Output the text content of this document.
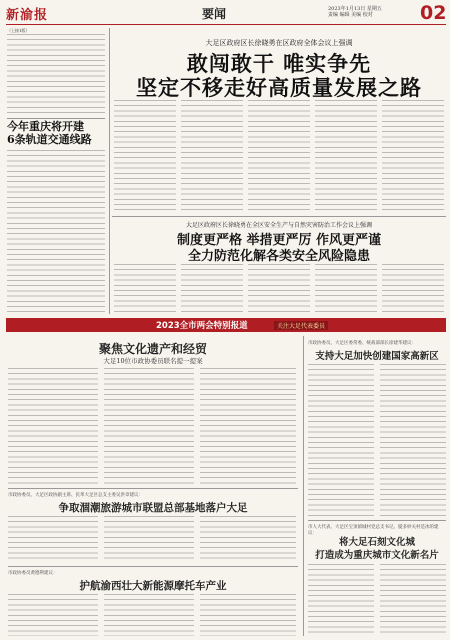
新渝报	要闻	2023年1月13日 星期五
责编 编辑 美编 校对	02
（上接1版）
今年重庆将开建
6条轨道交通线路
大足区政府区长徐晓勇在区政府全体会议上强调
敢闯敢干 唯实争先
坚定不移走好高质量发展之路
大足区政府区长徐晓勇在全区安全生产与自然灾害防治工作会议上强调
制度更严格 举措更严厉 作风更严谨
全力防范化解各类安全风险隐患
2023全市两会特别报道	关注大足代表委员
聚焦文化遗产和经贸
大足10位市政协委员联名提一提案
市政协委员、大足区政协副主席、民革大足区总支主委吴洪章建议：
争取涸潮旅游城市联盟总部基地落户大足
市政协委员黄德利建议：
护航渝西壮大新能源摩托车产业
市政协委员、大足区委常委、统战部部长徐建华建议：
支持大足加快创建国家高新区
市人大代表、大足区宝顶镇城村党总支书记、厦多妙关村是冰的建议：
将大足石刻文化城
打造成为重庆城市文化新名片
